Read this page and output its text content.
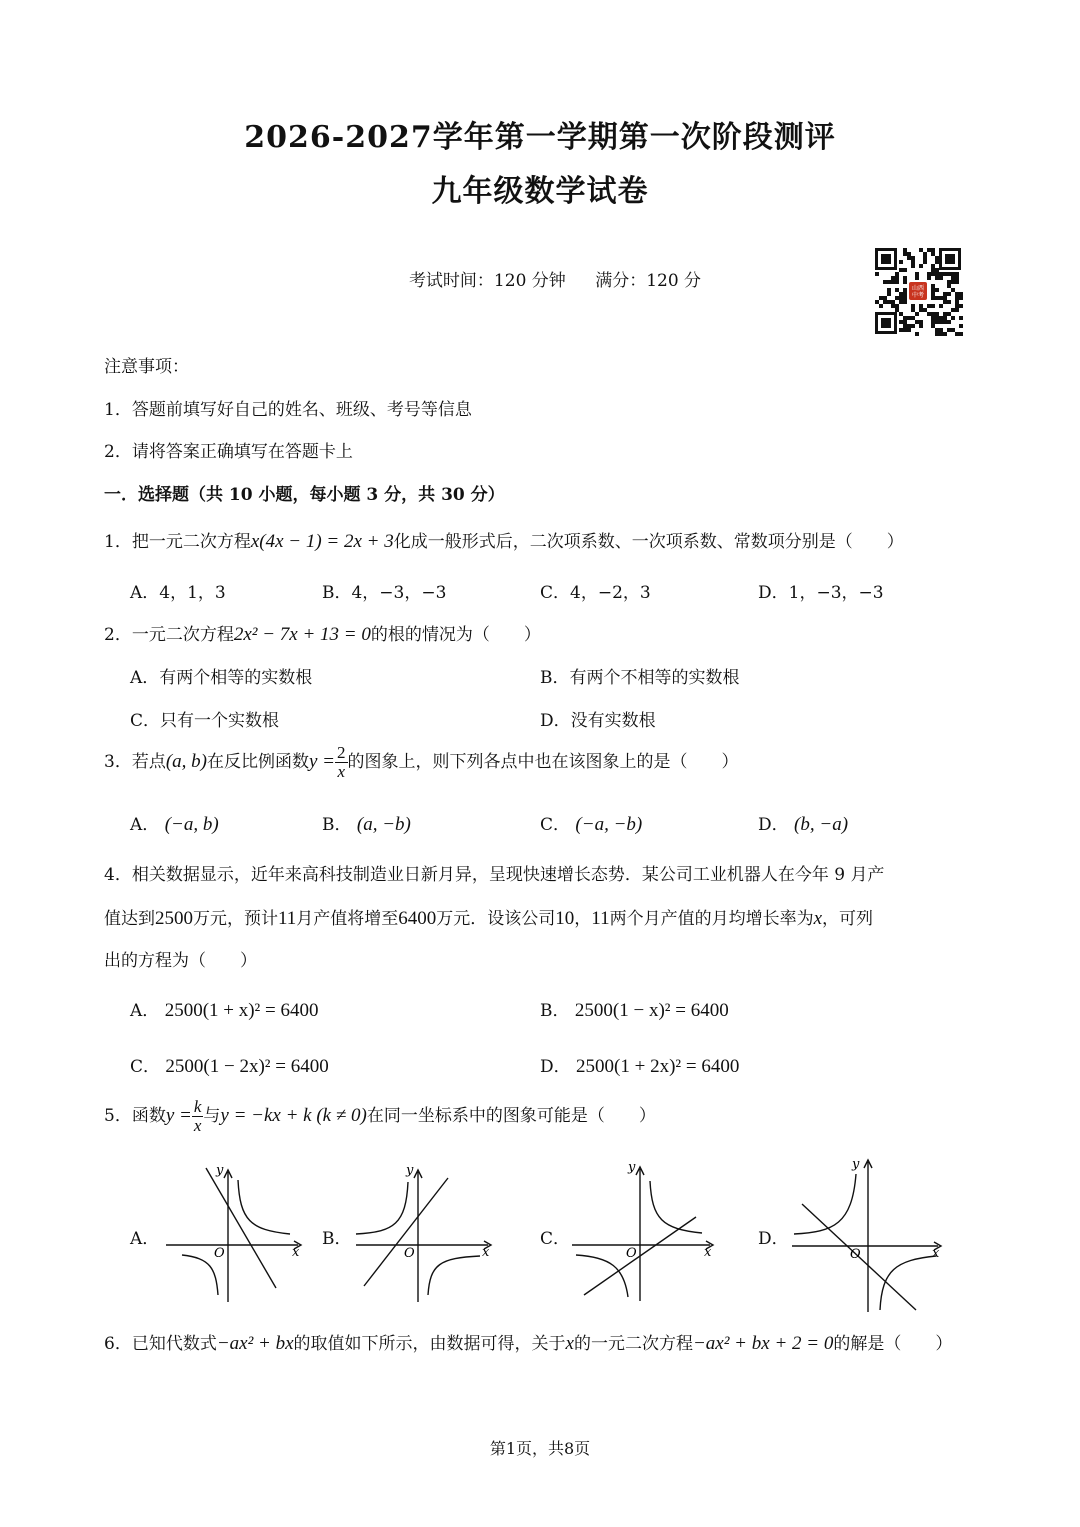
2026-2027学年第一学期第一次阶段测评
九年级数学试卷
考试时间：120 分钟 满分：120 分	山西
中考
注意事项：
1．答题前填写好自己的姓名、班级、考号等信息
2．请将答案正确填写在答题卡上
一．选择题（共 10 小题，每小题 3 分，共 30 分）
1．把一元二次方程x(4x − 1) = 2x + 3化成一般形式后，二次项系数、一次项系数、常数项分别是（　　）
A．4，1，3	B．4，−3，−3	C．4，−2，3	D．1，−3，−3
2．一元二次方程2x² − 7x + 13 = 0的根的情况为（　　）
A．有两个相等的实数根	B．有两个不相等的实数根
C．只有一个实数根	D．没有实数根
3．若点(a, b)在反比例函数$y = \frac{2}{x}$ 的图象上，则下列各点中也在该图象上的是（　　）
A． (−a, b)	B． (a, −b)	C． (−a, −b)	D． (b, −a)
4．相关数据显示，近年来高科技制造业日新月异，呈现快速增长态势．某公司工业机器人在今年 9 月产
值达到2500万元，预计11月产值将增至6400万元．设该公司10，11两个月产值的月均增长率为x，可列
出的方程为（　　）
A． 2500(1 + x)² = 6400	B． 2500(1 − x)² = 6400
C． 2500(1 − 2x)² = 6400	D． 2500(1 + 2x)² = 6400
5．函数$y = \frac{k}{x}$ 与y = −kx + k (k ≠ 0)在同一坐标系中的图象可能是（　　）
A．	B．	C．	D．
y
x
O
y
x
O
y
x
O
y
x
O
6．已知代数式−ax² + bx的取值如下所示，由数据可得，关于x的一元二次方程−ax² + bx + 2 = 0的解是（　　）
第1页，共8页
